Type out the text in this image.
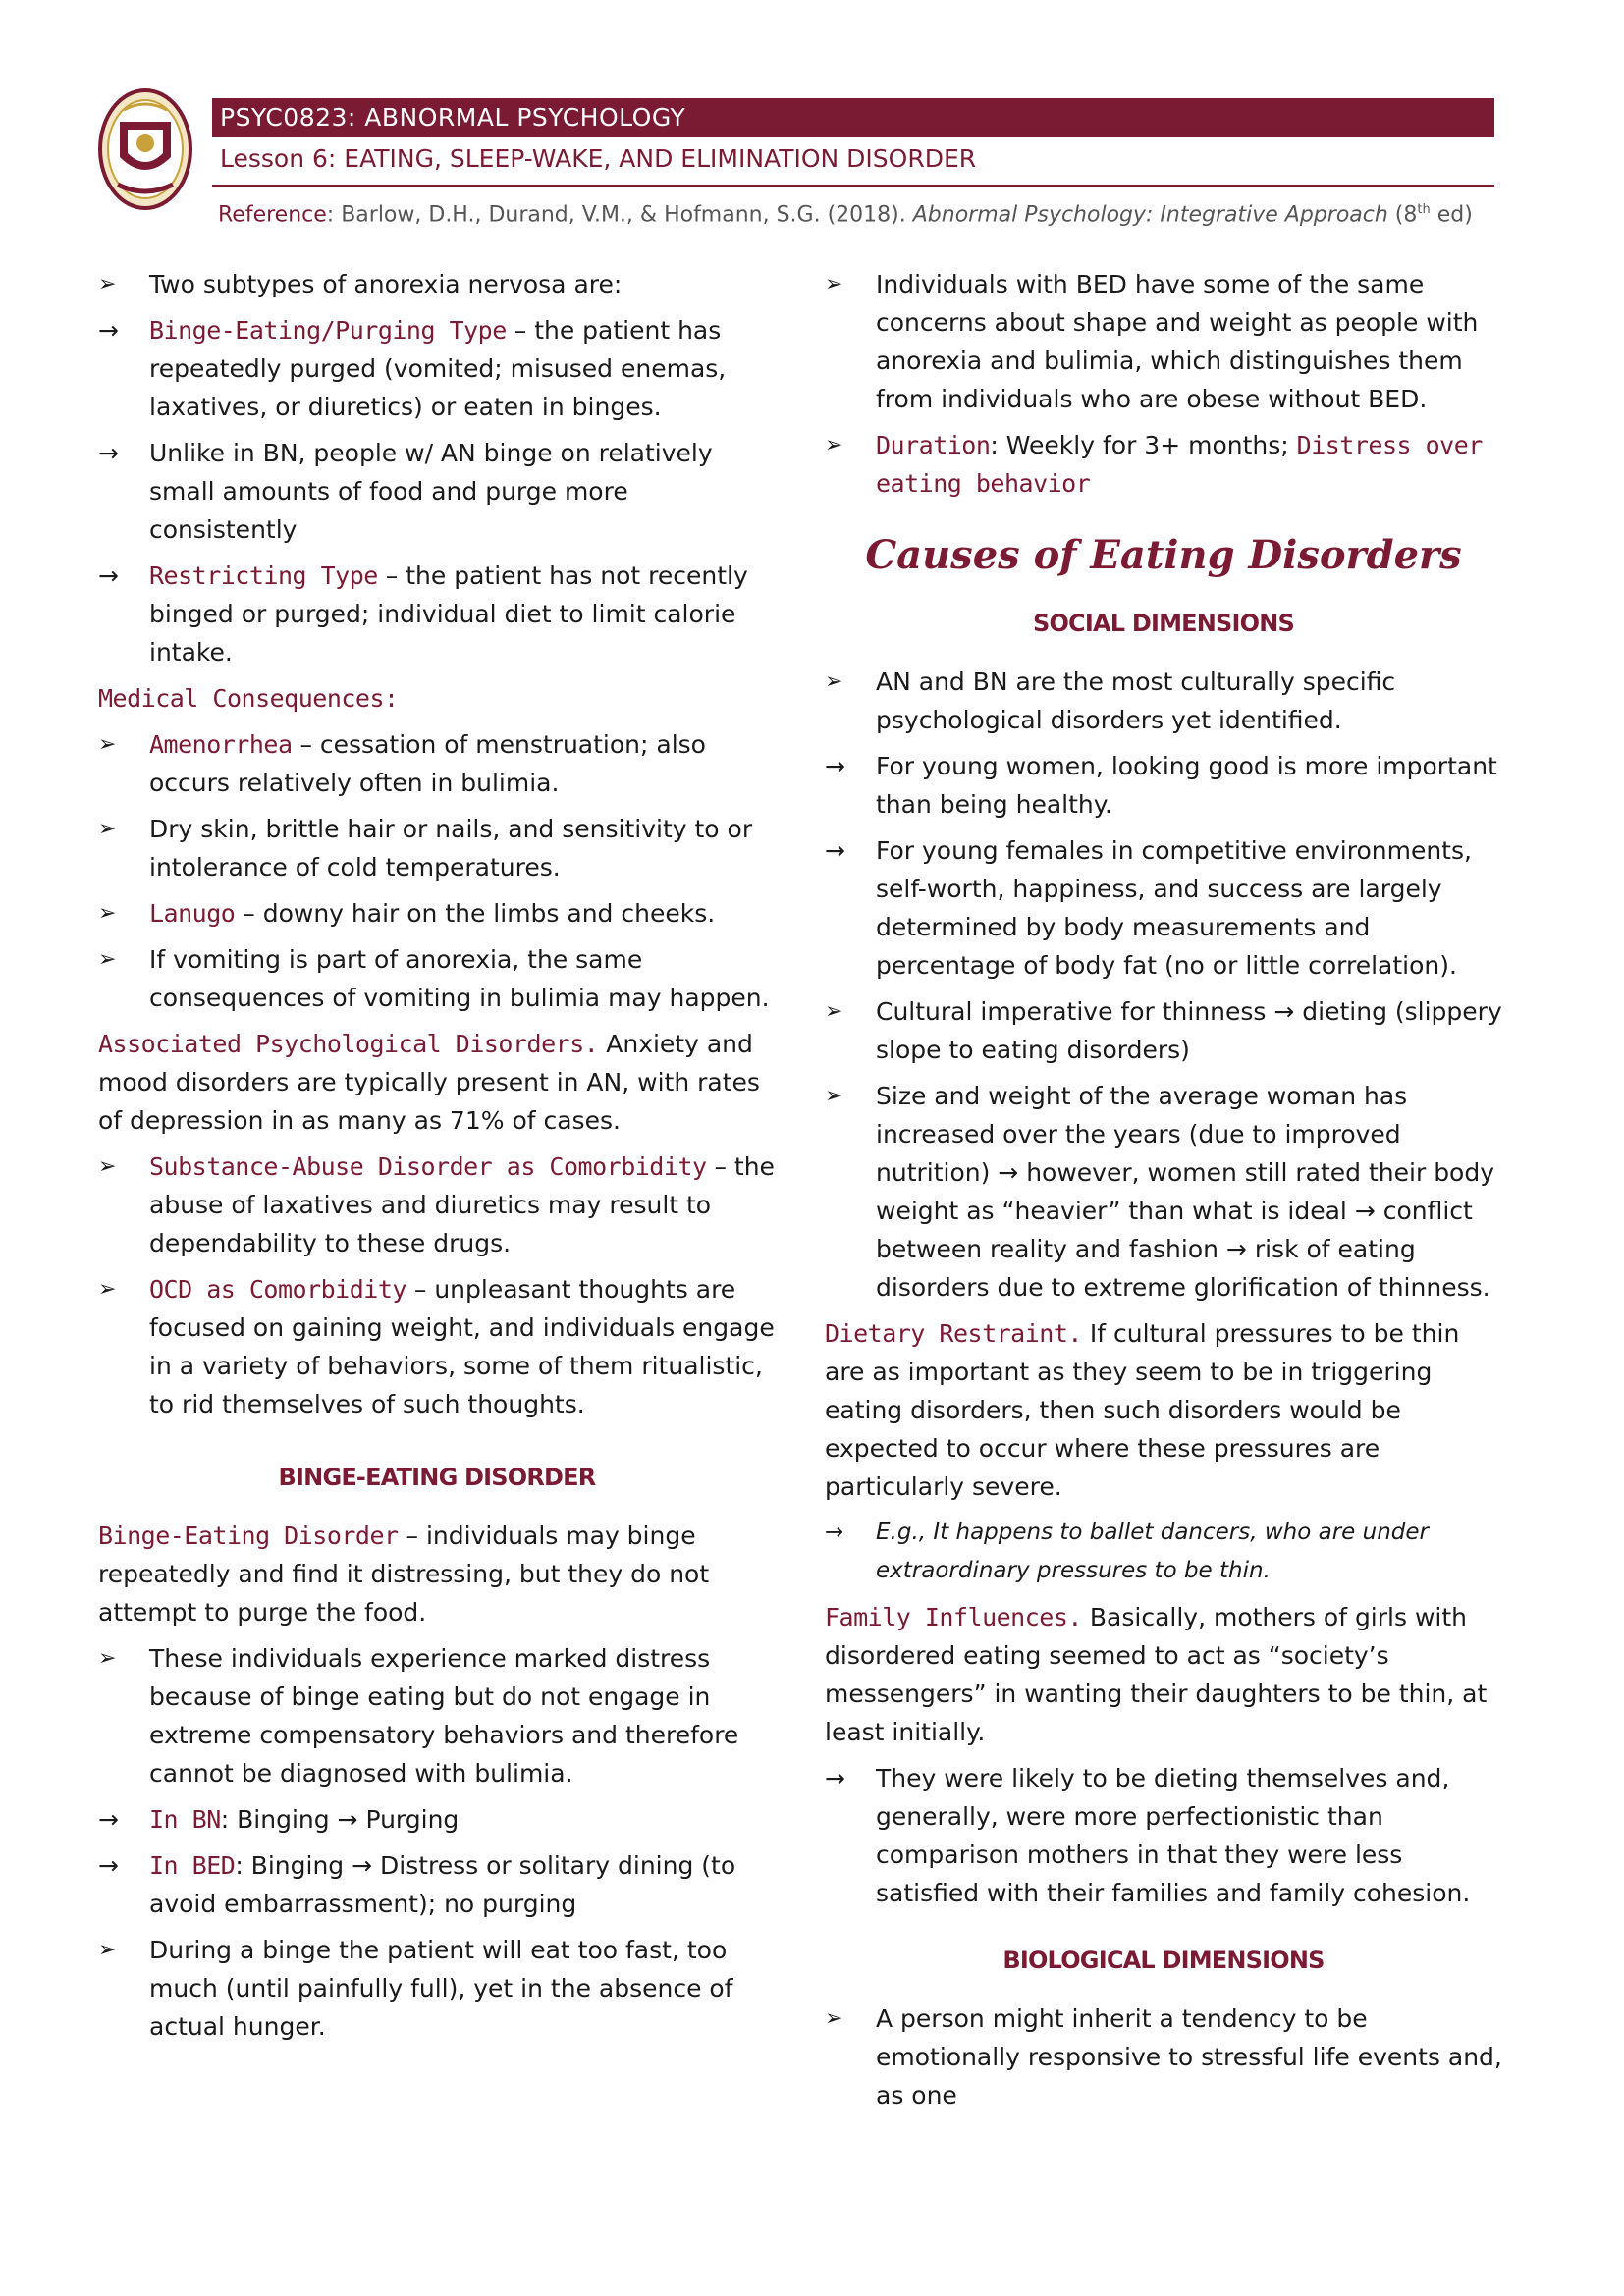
PSYC0823: ABNORMAL PSYCHOLOGY
Lesson 6: EATING, SLEEP-WAKE, AND ELIMINATION DISORDER
Reference: Barlow, D.H., Durand, V.M., & Hofmann, S.G. (2018). Abnormal Psychology: Integrative Approach (8th ed)

➢ Two subtypes of anorexia nervosa are:

→ Binge-Eating/Purging Type – the patient has repeatedly purged (vomited; misused enemas, laxatives, or diuretics) or eaten in binges.

→ Unlike in BN, people w/ AN binge on relatively small amounts of food and purge more consistently

→ Restricting Type – the patient has not recently binged or purged; individual diet to limit calorie intake.

Medical Consequences:

➢ Amenorrhea – cessation of menstruation; also occurs relatively often in bulimia.

➢ Dry skin, brittle hair or nails, and sensitivity to or intolerance of cold temperatures.

➢ Lanugo – downy hair on the limbs and cheeks.

➢ If vomiting is part of anorexia, the same consequences of vomiting in bulimia may happen.

Associated Psychological Disorders. Anxiety and mood disorders are typically present in AN, with rates of depression in as many as 71% of cases.

➢ Substance-Abuse Disorder as Comorbidity – the abuse of laxatives and diuretics may result to dependability to these drugs.

➢ OCD as Comorbidity – unpleasant thoughts are focused on gaining weight, and individuals engage in a variety of behaviors, some of them ritualistic, to rid themselves of such thoughts.

BINGE-EATING DISORDER

Binge-Eating Disorder – individuals may binge repeatedly and find it distressing, but they do not attempt to purge the food.

➢ These individuals experience marked distress because of binge eating but do not engage in extreme compensatory behaviors and therefore cannot be diagnosed with bulimia.

→ In BN: Binging → Purging

→ In BED: Binging → Distress or solitary dining (to avoid embarrassment); no purging

➢ During a binge the patient will eat too fast, too much (until painfully full), yet in the absence of actual hunger.

➢ Individuals with BED have some of the same concerns about shape and weight as people with anorexia and bulimia, which distinguishes them from individuals who are obese without BED.

➢ Duration: Weekly for 3+ months; Distress over eating behavior

Causes of Eating Disorders

SOCIAL DIMENSIONS

➢ AN and BN are the most culturally specific psychological disorders yet identified.

→ For young women, looking good is more important than being healthy.

→ For young females in competitive environments, self-worth, happiness, and success are largely determined by body measurements and percentage of body fat (no or little correlation).

➢ Cultural imperative for thinness → dieting (slippery slope to eating disorders)

➢ Size and weight of the average woman has increased over the years (due to improved nutrition) → however, women still rated their body weight as “heavier” than what is ideal → conflict between reality and fashion → risk of eating disorders due to extreme glorification of thinness.

Dietary Restraint. If cultural pressures to be thin are as important as they seem to be in triggering eating disorders, then such disorders would be expected to occur where these pressures are particularly severe.

→ E.g., It happens to ballet dancers, who are under extraordinary pressures to be thin.

Family Influences. Basically, mothers of girls with disordered eating seemed to act as “society’s messengers” in wanting their daughters to be thin, at least initially.

→ They were likely to be dieting themselves and, generally, were more perfectionistic than comparison mothers in that they were less satisfied with their families and family cohesion.

BIOLOGICAL DIMENSIONS

➢ A person might inherit a tendency to be emotionally responsive to stressful life events and, as one
